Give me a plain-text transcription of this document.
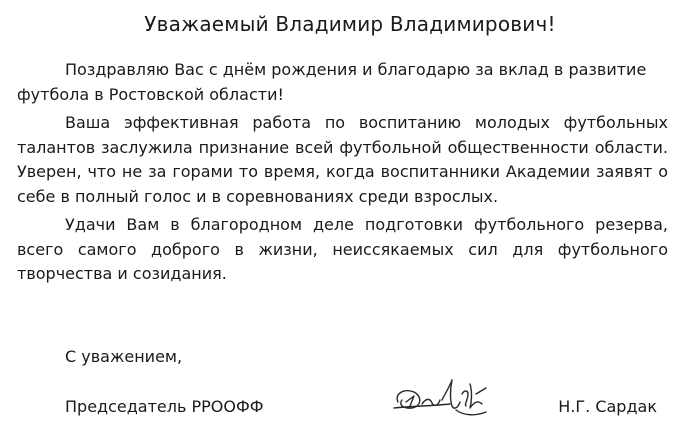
Уважаемый Владимир Владимирович!

Поздравляю Вас с днём рождения и благодарю за вклад в развитие футбола в Ростовской области!

Ваша эффективная работа по воспитанию молодых футбольных талантов заслужила признание всей футбольной общественности области. Уверен, что не за горами то время, когда воспитанники Академии заявят о себе в полный голос и в соревнованиях среди взрослых.

Удачи Вам в благородном деле подготовки футбольного резерва, всего самого доброго в жизни, неиссякаемых сил для футбольного творчества и созидания.

С уважением,
Председатель РРООФФ	Н.Г. Сардак
